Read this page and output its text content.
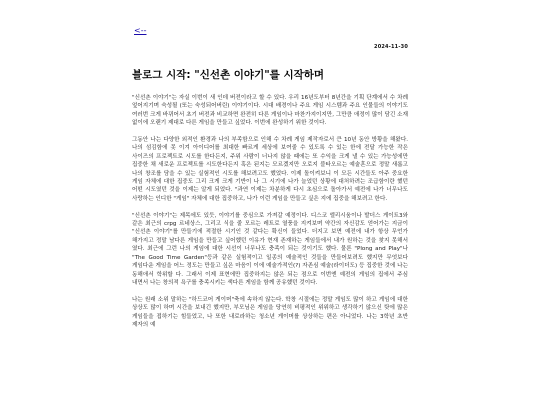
<--
2024-11-30
블로그 시작: "신선촌 이야기"를 시작하며

"신선촌 이야기"는 자실 이번이 새 인데 버전이라고 할 수 있다. 우리 16년도부터 8년간을 기획 단계에서 수 차례 엎어지기며 숙성될 (또는 숙성되어버린) 이야기이다. 시대 배경이나 주요 게임 시스템과 주요 인물들의 이야기도 여러번 크게 바뀌어서 초기 버전과 비교하면 완전히 다른 게임이나 마찬가지이지만, 그만큼 애정이 많이 담긴 소재 없이에 오랜기 제대로 다른 게임을 만들고 싶었다. 이번에 완성하기 위한 것이다.

그동안 나는 다양한 외적인 환경과 나의 부족함으로 인해 수 차례 게임 제작자로서 큰 10년 동안 방황을 해왔다. 나의 섬김함에 못 이겨 아이디어를 최대한 빠르게 세상에 보여줄 수 있도록 수 있는 한에 전달 가능한 작은 사이즈의 프로젝트로 시도를 한다든지, 주위 사람이 너나지 않을 때에는 또 수익을 크게 낼 수 있는 가능성에만 집중한 채 새로운 프로젝트를 시도한다든지 혹은 된지는 모르겠지만 오로지 블타오르는 예술혼으로 정말 새롭고 나의 창조를 담을 수 있는 실험적인 시도를 해보려고도 했었다. 이제 돌이켜보니 이 모든 시간들도 아주 중요한 게임 자체에 대한 집중도 그리 크게 크게 기반이 나 그 시기에 나가 늘었던 상황에 대처하려는 조급함이란 했던 어떤 시도였던 것을 이제는 알게 되었다. "과연 이제는 차분하게 다시 초심으로 돌아가서 예전에 나가 너무나도 사랑하는 인디한 "게임" 자체에 대한 집중하고, 나가 이런 게임을 만들고 싶은 지에 집중을 해보려고 한다.

"신선촌 이야기"는 제목에도 있듯, 이야기를 중심으로 가져갈 예정이다. 디스코 엘리시움이나 발더스 게이트3와 같은 최근의 crpg 르네상스, 그리고 식을 줄 모르는 레트로 열풍을 지켜보며 약간의 자신감도 얻어가는 지금이 "신선촌 이야기"를 만들기에 적절한 시기인 것 같다는 확신이 들었다. 더지고 보면 예전에 내가 항상 무언가 해가지고 정말 남다른 게임을 만들고 싶어했던 이유가 현재 존재하는 게임들에서 내가 원하는 것을 찾지 못해서 였다. 최근에 그런 나의 게임에 대한 시선이 너무나도 충족이 되는 것이기도 했다. 물론 "Plong and Play"나 "The Good Time Garden"등과 같은 실험적이고 일종의 예술적인 것들을 만들어보려도 했지만 무엇보다 게임다운 게임을 어느 정도는 만들고 싶은 마음이 이에 예술가적인(?) 자존심 예술(라이더도) 등 집중한 것에 나는 동해애서 학위할 다. 그래서 이제 표현에만 집중하지는 않은 되는 점으로 이번엔 예전의 게임의 집에서 주심 내면서 나는 창의적 욕구를 충족시키는 색다른 게임을 함께 공유했던 것이다.

나는 원래 소위 말하는 "하드코어 게이머"축에 속하지 않는다. 학창 시절에는 정말 게임도 많이 하고 게임에 대한 상상도 많이 하며 시간을 보내긴 했지만, 부모님은 게임을 당연히 비평적인 위위하고 생각하기 않으신 탓에 많은 게임들을 접하기는 힘들었고, 나 또한 내로라하는 청소년 게이머를 상상하는 편은 아니었다. 나는 3학년 초반 제자의 예
